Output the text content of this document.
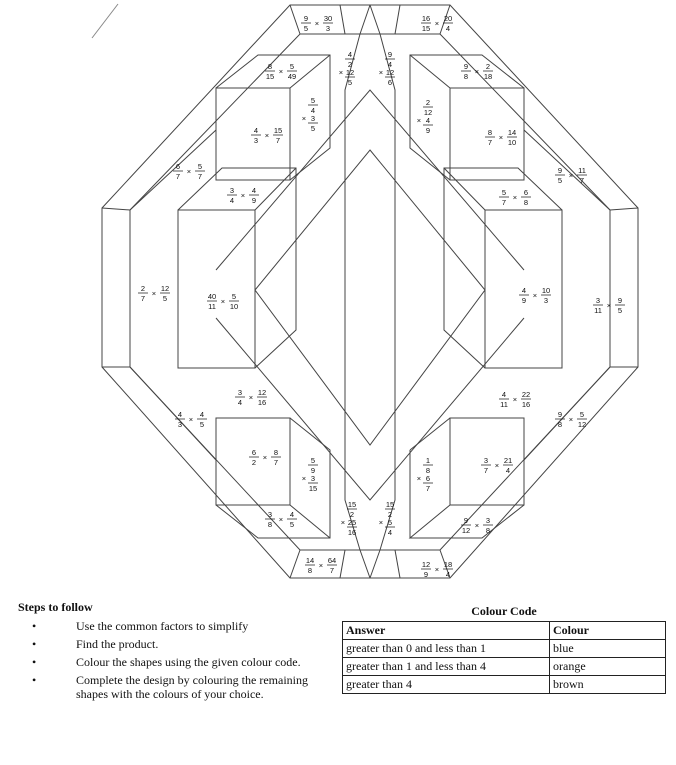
9
5
×
30
3
16
15
×
20
4
8
15
×
5
49
9
8
×
2
18
4
2
× 12
5
9
4
× 12
6
5
4
× 3
5
2
12
× 4
9
4
3
×
15
7
8
7
×
14
10
6
7
×
5
7
9
5
×
11
7
3
4
×
4
9
5
7
×
6
8
2
7
×
12
5	40
11
×
5
10
4
9
×
10
3	3
11
×
9
5
3
4
×
12
16
4
11
×
22
16
4
3
×
4
5
9
8
×
5
12
6
2
×
8
7	3
7
×
21
4
5
9
× 3
15
1
8
× 6
7
3
8
×
4
5	9
12
×
3
8
15
2
× 25
16
15
2
× 5
4
14
8
×
64
7
12
9
×
18
4
Steps to follow
•	Use the common factors to simplify
•	Find the product.
•	Colour the shapes using the given colour code.
•	Complete the design by colouring the remaining shapes with the colours of your choice.
Colour Code
Answer	Colour
greater than 0 and less than 1	blue
greater than 1 and less than 4	orange
greater than 4	brown
